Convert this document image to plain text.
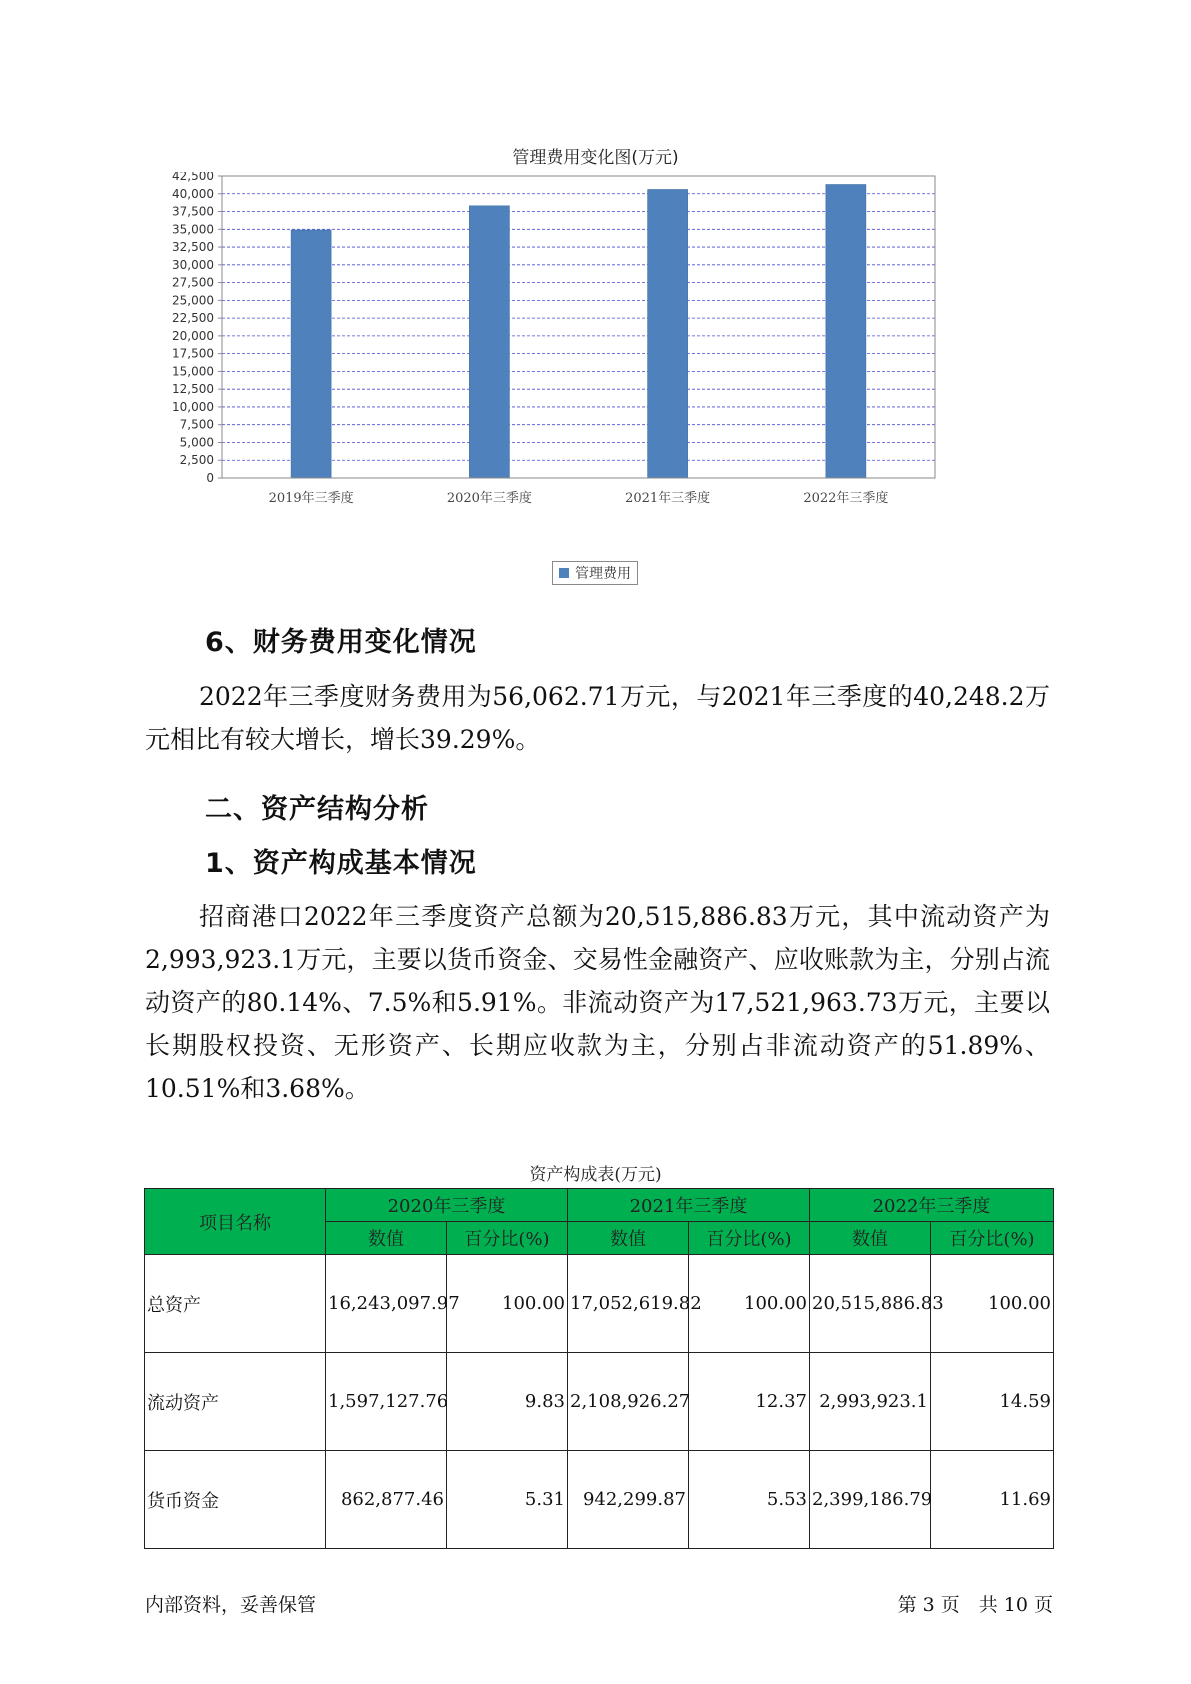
管理费用变化图(万元)
0
2,500
5,000
7,500
10,000
12,500
15,000
17,500
20,000
22,500
25,000
27,500
30,000
32,500
35,000
37,500
40,000
42,500
2019年三季度	2020年三季度	2021年三季度	2022年三季度
管理费用
6、财务费用变化情况
2022年三季度财务费用为56,062.71万元，与2021年三季度的40,248.2万元相比有较大增长，增长39.29%。
二、资产结构分析
1、资产构成基本情况
招商港口2022年三季度资产总额为20,515,886.83万元，其中流动资产为2,993,923.1万元，主要以货币资金、交易性金融资产、应收账款为主，分别占流动资产的80.14%、7.5%和5.91%。非流动资产为17,521,963.73万元，主要以长期股权投资、无形资产、长期应收款为主，分别占非流动资产的51.89%、10.51%和3.68%。
资产构成表(万元)
项目名称	2020年三季度		2021年三季度		2022年三季度	
	数值	百分比(%)	数值	百分比(%)	数值	百分比(%)
总资产	16,243,097.97	100.00	17,052,619.82	100.00	20,515,886.83	100.00
流动资产	1,597,127.76	9.83	2,108,926.27	12.37	2,993,923.1	14.59
货币资金	862,877.46	5.31	942,299.87	5.53	2,399,186.79	11.69
内部资料，妥善保管	第 3 页　共 10 页
